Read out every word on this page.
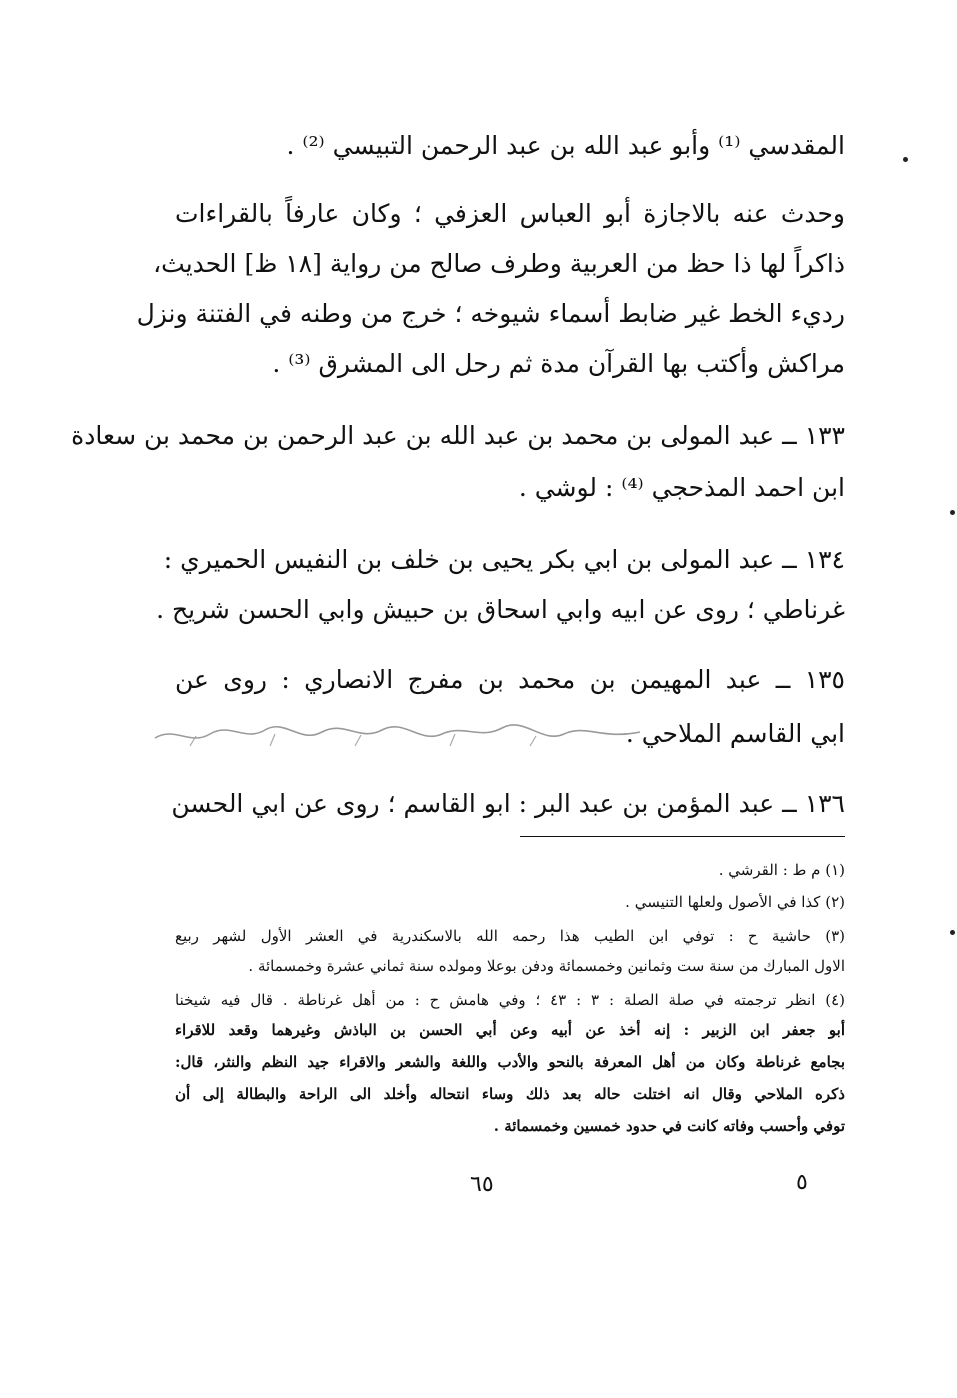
المقدسي ⁽¹⁾ وأبو عبد الله بن عبد الرحمن التبيسي ⁽²⁾ .
وحدث عنه بالاجازة أبو العباس العزفي ؛ وكان عارفاً بالقراءات
ذاكراً لها ذا حظ من العربية وطرف صالح من رواية [١٨ ظ] الحديث،
رديء الخط غير ضابط أسماء شيوخه ؛ خرج من وطنه في الفتنة ونزل
مراكش وأكتب بها القرآن مدة ثم رحل الى المشرق ⁽³⁾ .
١٣٣ ــ عبد المولى بن محمد بن عبد الله بن عبد الرحمن بن محمد بن سعادة
ابن احمد المذحجي ⁽⁴⁾ : لوشي .
١٣٤ ــ عبد المولى بن ابي بكر يحيى بن خلف بن النفيس الحميري :
غرناطي ؛ روى عن ابيه وابي اسحاق بن حبيش وابي الحسن شريح .
١٣٥ ــ عبد المهيمن بن محمد بن مفرج الانصاري : روى عن
ابي القاسم الملاحي .
١٣٦ ــ عبد المؤمن بن عبد البر : ابو القاسم ؛ روى عن ابي الحسن
(١) م ط : القرشي .
(٢) كذا في الأصول ولعلها التنيسي .
(٣) حاشية ح : توفي ابن الطيب هذا رحمه الله بالاسكندرية في العشر الأول لشهر ربيع
الاول المبارك من سنة ست وثمانين وخمسمائة ودفن بوعلا ومولده سنة ثماني عشرة وخمسمائة .
(٤) انظر ترجمته في صلة الصلة : ٣ : ٤٣ ؛ وفي هامش ح : من أهل غرناطة . قال فيه شيخنا
أبو جعفر ابن الزبير : إنه أخذ عن أبيه وعن أبي الحسن بن الباذش وغيرهما وقعد للاقراء
بجامع غرناطة وكان من أهل المعرفة بالنحو والأدب واللغة والشعر والاقراء جيد النظم والنثر، قال:
ذكره الملاحي وقال انه اختلت حاله بعد ذلك وساء انتحاله وأخلد الى الراحة والبطالة إلى أن
توفي وأحسب وفاته كانت في حدود خمسين وخمسمائة .
٦٥	٥
